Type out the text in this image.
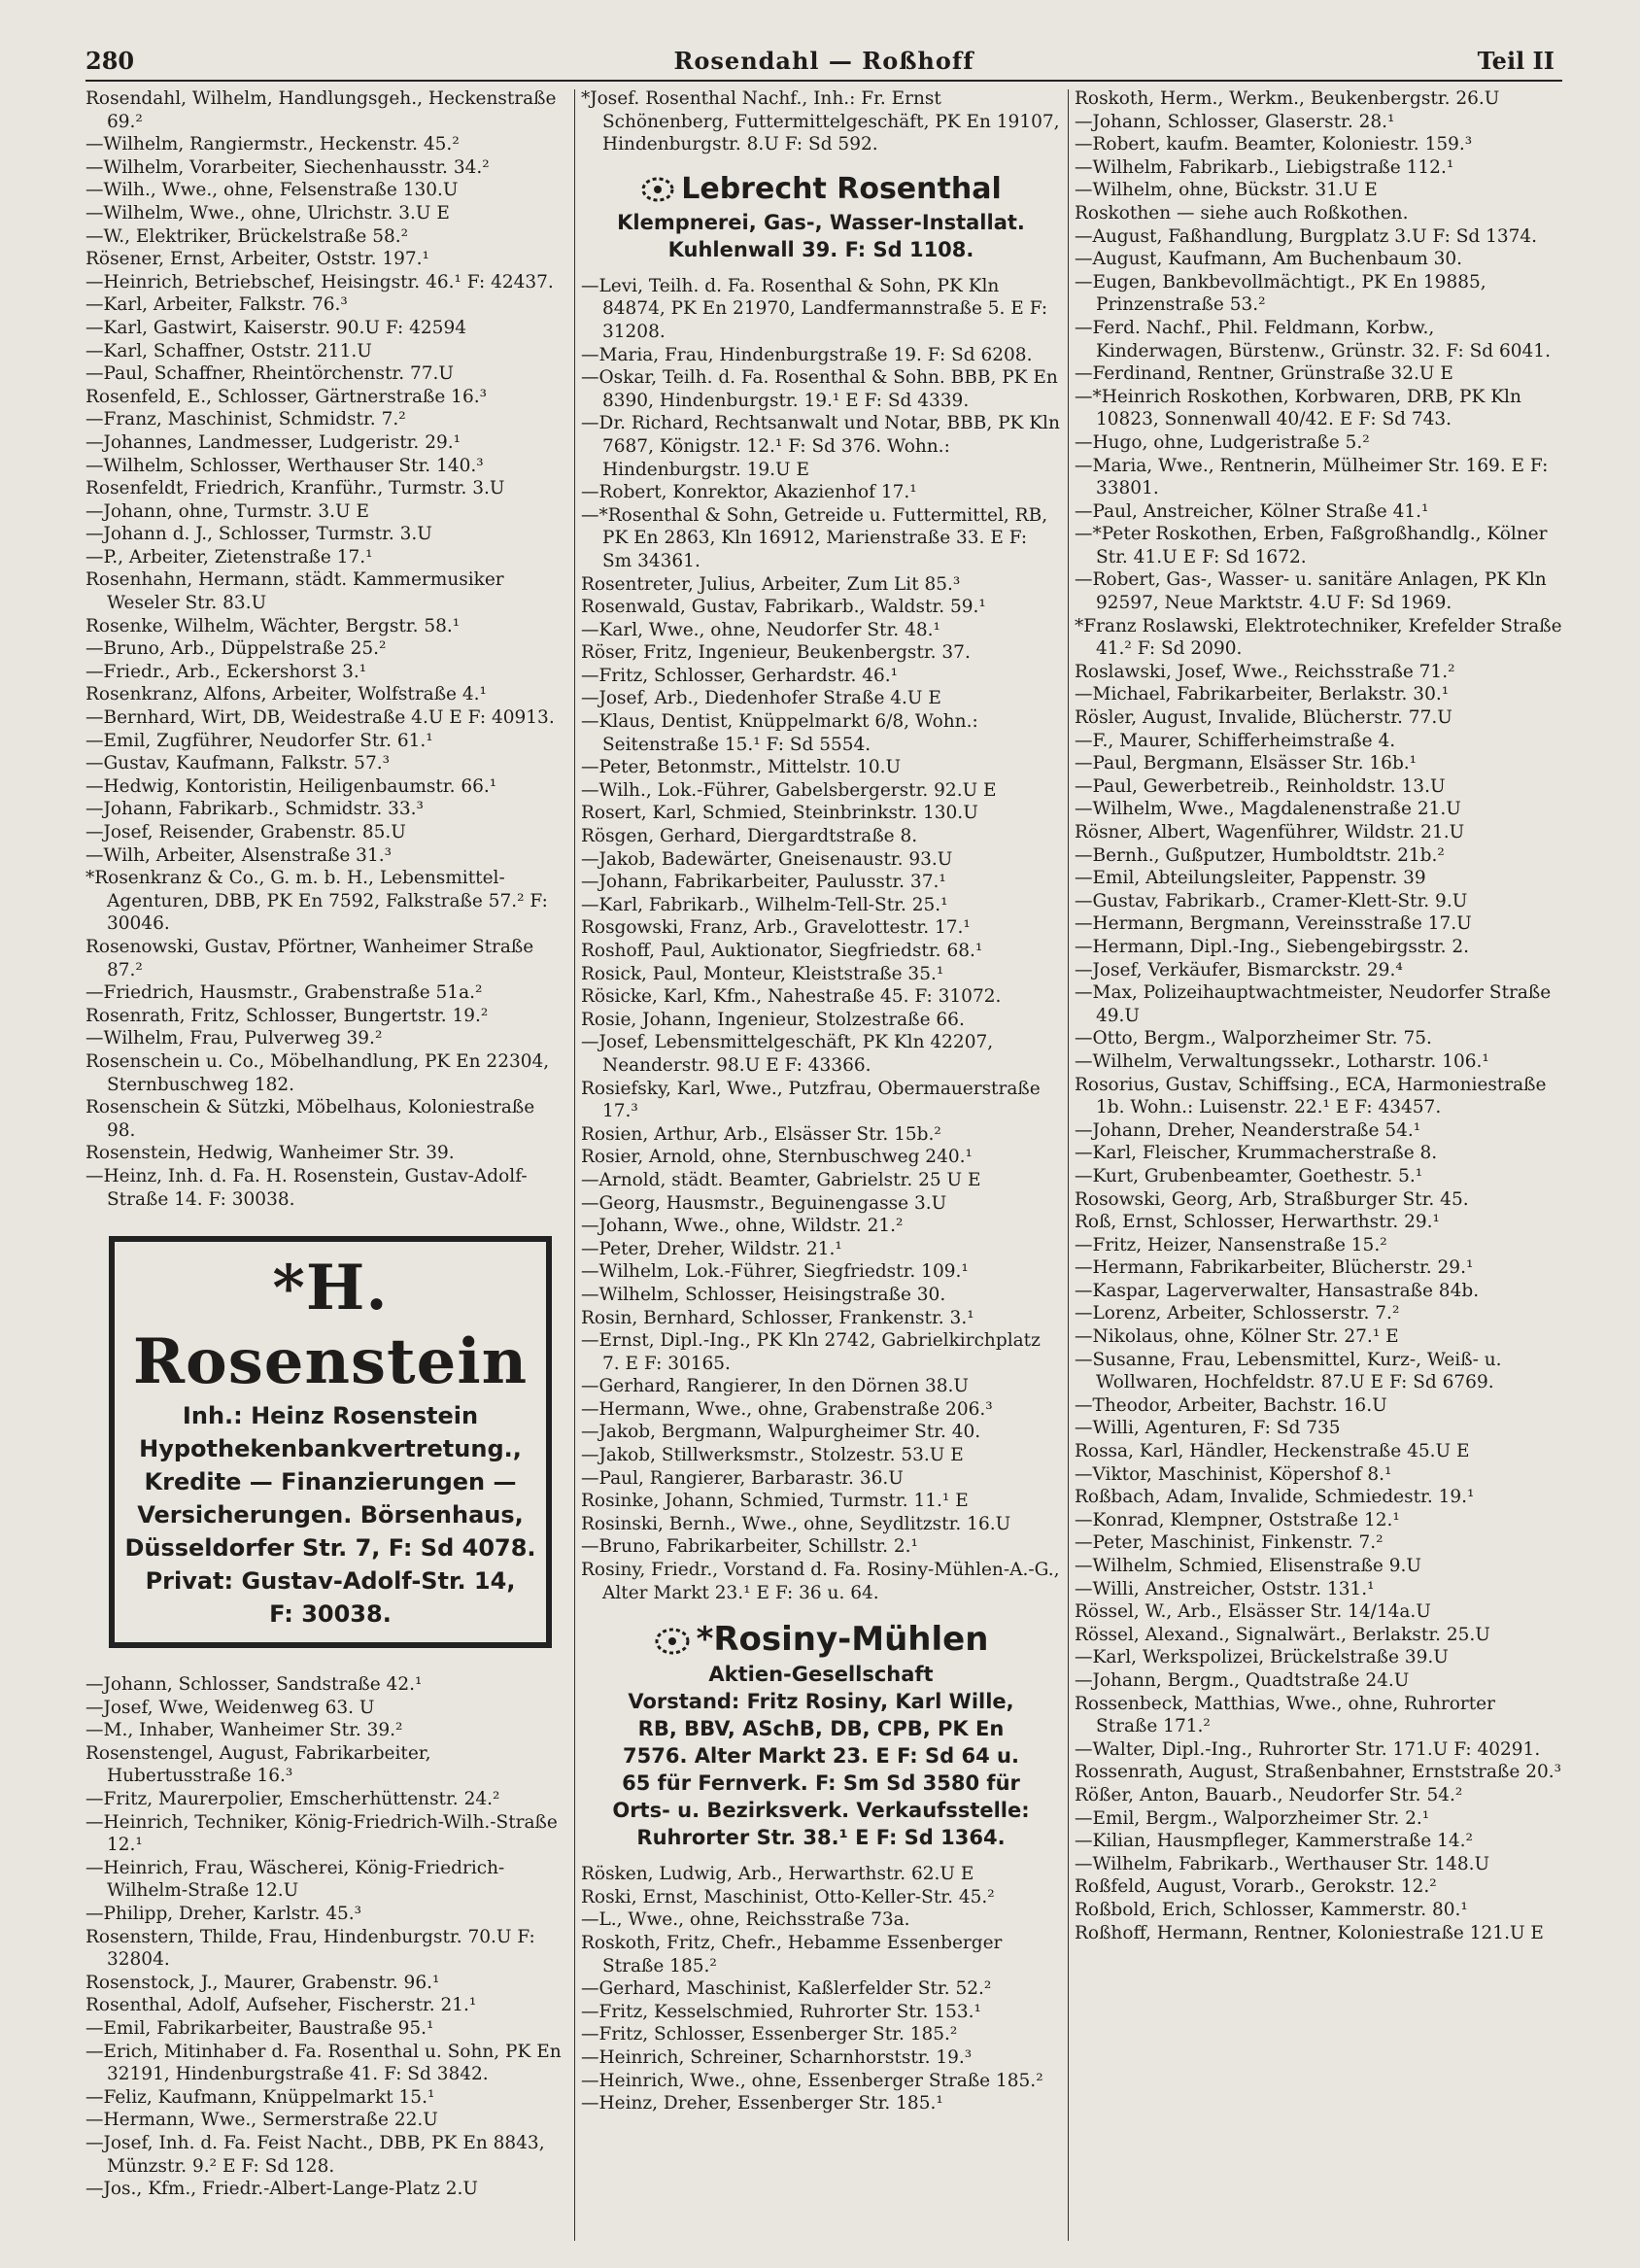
280	Rosendahl — Roßhoff	Teil II

Rosendahl, Wilhelm, Handlungsgeh., Heckenstraße 69.²

—Wilhelm, Rangiermstr., Heckenstr. 45.²

—Wilhelm, Vorarbeiter, Siechenhausstr. 34.²

—Wilh., Wwe., ohne, Felsenstraße 130.U

—Wilhelm, Wwe., ohne, Ulrichstr. 3.U E

—W., Elektriker, Brückelstraße 58.²

Rösener, Ernst, Arbeiter, Oststr. 197.¹

—Heinrich, Betriebschef, Heisingstr. 46.¹ F: 42437.

—Karl, Arbeiter, Falkstr. 76.³

—Karl, Gastwirt, Kaiserstr. 90.U F: 42594

—Karl, Schaffner, Oststr. 211.U

—Paul, Schaffner, Rheintörchenstr. 77.U

Rosenfeld, E., Schlosser, Gärtnerstraße 16.³

—Franz, Maschinist, Schmidstr. 7.²

—Johannes, Landmesser, Ludgeristr. 29.¹

—Wilhelm, Schlosser, Werthauser Str. 140.³

Rosenfeldt, Friedrich, Kranführ., Turmstr. 3.U

—Johann, ohne, Turmstr. 3.U E

—Johann d. J., Schlosser, Turmstr. 3.U

—P., Arbeiter, Zietenstraße 17.¹

Rosenhahn, Hermann, städt. Kammermusiker Weseler Str. 83.U

Rosenke, Wilhelm, Wächter, Bergstr. 58.¹

—Bruno, Arb., Düppelstraße 25.²

—Friedr., Arb., Eckershorst 3.¹

Rosenkranz, Alfons, Arbeiter, Wolfstraße 4.¹

—Bernhard, Wirt, DB, Weidestraße 4.U E F: 40913.

—Emil, Zugführer, Neudorfer Str. 61.¹

—Gustav, Kaufmann, Falkstr. 57.³

—Hedwig, Kontoristin, Heiligenbaumstr. 66.¹

—Johann, Fabrikarb., Schmidstr. 33.³

—Josef, Reisender, Grabenstr. 85.U

—Wilh, Arbeiter, Alsenstraße 31.³

*Rosenkranz & Co., G. m. b. H., Lebensmittel-Agenturen, DBB, PK En 7592, Falkstraße 57.² F: 30046.

Rosenowski, Gustav, Pförtner, Wanheimer Straße 87.²

—Friedrich, Hausmstr., Grabenstraße 51a.²

Rosenrath, Fritz, Schlosser, Bungertstr. 19.²

—Wilhelm, Frau, Pulverweg 39.²

Rosenschein u. Co., Möbelhandlung, PK En 22304, Sternbuschweg 182.

Rosenschein & Sützki, Möbelhaus, Koloniestraße 98.

Rosenstein, Hedwig, Wanheimer Str. 39.

—Heinz, Inh. d. Fa. H. Rosenstein, Gustav-Adolf-Straße 14. F: 30038.

*H. Rosenstein
Inh.: Heinz Rosenstein
Hypothekenbankvertretung.,
Kredite — Finanzierungen —
Versicherungen. Börsenhaus,
Düsseldorfer Str. 7, F: Sd 4078.
Privat: Gustav-Adolf-Str. 14,
F: 30038.

—Johann, Schlosser, Sandstraße 42.¹

—Josef, Wwe, Weidenweg 63. U

—M., Inhaber, Wanheimer Str. 39.²

Rosenstengel, August, Fabrikarbeiter, Hubertusstraße 16.³

—Fritz, Maurerpolier, Emscherhüttenstr. 24.²

—Heinrich, Techniker, König-Friedrich-Wilh.-Straße 12.¹

—Heinrich, Frau, Wäscherei, König-Friedrich-Wilhelm-Straße 12.U

—Philipp, Dreher, Karlstr. 45.³

Rosenstern, Thilde, Frau, Hindenburgstr. 70.U F: 32804.

Rosenstock, J., Maurer, Grabenstr. 96.¹

Rosenthal, Adolf, Aufseher, Fischerstr. 21.¹

—Emil, Fabrikarbeiter, Baustraße 95.¹

—Erich, Mitinhaber d. Fa. Rosenthal u. Sohn, PK En 32191, Hindenburgstraße 41. F: Sd 3842.

—Feliz, Kaufmann, Knüppelmarkt 15.¹

—Hermann, Wwe., Sermerstraße 22.U

—Josef, Inh. d. Fa. Feist Nacht., DBB, PK En 8843, Münzstr. 9.² E F: Sd 128.

—Jos., Kfm., Friedr.-Albert-Lange-Platz 2.U

*Josef. Rosenthal Nachf., Inh.: Fr. Ernst Schönenberg, Futtermittelgeschäft, PK En 19107, Hindenburgstr. 8.U F: Sd 592.

Lebrecht Rosenthal
Klempnerei, Gas-, Wasser-Installat.
Kuhlenwall 39. F: Sd 1108.

—Levi, Teilh. d. Fa. Rosenthal & Sohn, PK Kln 84874, PK En 21970, Landfermannstraße 5. E F: 31208.

—Maria, Frau, Hindenburgstraße 19. F: Sd 6208.

—Oskar, Teilh. d. Fa. Rosenthal & Sohn. BBB, PK En 8390, Hindenburgstr. 19.¹ E F: Sd 4339.

—Dr. Richard, Rechtsanwalt und Notar, BBB, PK Kln 7687, Königstr. 12.¹ F: Sd 376. Wohn.: Hindenburgstr. 19.U E

—Robert, Konrektor, Akazienhof 17.¹

—*Rosenthal & Sohn, Getreide u. Futtermittel, RB, PK En 2863, Kln 16912, Marienstraße 33. E F: Sm 34361.

Rosentreter, Julius, Arbeiter, Zum Lit 85.³

Rosenwald, Gustav, Fabrikarb., Waldstr. 59.¹

—Karl, Wwe., ohne, Neudorfer Str. 48.¹

Röser, Fritz, Ingenieur, Beukenbergstr. 37.

—Fritz, Schlosser, Gerhardstr. 46.¹

—Josef, Arb., Diedenhofer Straße 4.U E

—Klaus, Dentist, Knüppelmarkt 6/8, Wohn.: Seitenstraße 15.¹ F: Sd 5554.

—Peter, Betonmstr., Mittelstr. 10.U

—Wilh., Lok.-Führer, Gabelsbergerstr. 92.U E

Rosert, Karl, Schmied, Steinbrinkstr. 130.U

Rösgen, Gerhard, Diergardtstraße 8.

—Jakob, Badewärter, Gneisenaustr. 93.U

—Johann, Fabrikarbeiter, Paulusstr. 37.¹

—Karl, Fabrikarb., Wilhelm-Tell-Str. 25.¹

Rosgowski, Franz, Arb., Gravelottestr. 17.¹

Roshoff, Paul, Auktionator, Siegfriedstr. 68.¹

Rosick, Paul, Monteur, Kleiststraße 35.¹

Rösicke, Karl, Kfm., Nahestraße 45. F: 31072.

Rosie, Johann, Ingenieur, Stolzestraße 66.

—Josef, Lebensmittelgeschäft, PK Kln 42207, Neanderstr. 98.U E F: 43366.

Rosiefsky, Karl, Wwe., Putzfrau, Obermauerstraße 17.³

Rosien, Arthur, Arb., Elsässer Str. 15b.²

Rosier, Arnold, ohne, Sternbuschweg 240.¹

—Arnold, städt. Beamter, Gabrielstr. 25 U E

—Georg, Hausmstr., Beguinengasse 3.U

—Johann, Wwe., ohne, Wildstr. 21.²

—Peter, Dreher, Wildstr. 21.¹

—Wilhelm, Lok.-Führer, Siegfriedstr. 109.¹

—Wilhelm, Schlosser, Heisingstraße 30.

Rosin, Bernhard, Schlosser, Frankenstr. 3.¹

—Ernst, Dipl.-Ing., PK Kln 2742, Gabrielkirchplatz 7. E F: 30165.

—Gerhard, Rangierer, In den Dörnen 38.U

—Hermann, Wwe., ohne, Grabenstraße 206.³

—Jakob, Bergmann, Walpurgheimer Str. 40.

—Jakob, Stillwerksmstr., Stolzestr. 53.U E

—Paul, Rangierer, Barbarastr. 36.U

Rosinke, Johann, Schmied, Turmstr. 11.¹ E

Rosinski, Bernh., Wwe., ohne, Seydlitzstr. 16.U

—Bruno, Fabrikarbeiter, Schillstr. 2.¹

Rosiny, Friedr., Vorstand d. Fa. Rosiny-Mühlen-A.-G., Alter Markt 23.¹ E F: 36 u. 64.

*Rosiny-Mühlen
Aktien-Gesellschaft
Vorstand: Fritz Rosiny, Karl Wille,
RB, BBV, ASchB, DB, CPB, PK En
7576. Alter Markt 23. E F: Sd 64 u.
65 für Fernverk. F: Sm Sd 3580 für
Orts- u. Bezirksverk. Verkaufsstelle:
Ruhrorter Str. 38.¹ E F: Sd 1364.

Rösken, Ludwig, Arb., Herwarthstr. 62.U E

Roski, Ernst, Maschinist, Otto-Keller-Str. 45.²

—L., Wwe., ohne, Reichsstraße 73a.

Roskoth, Fritz, Chefr., Hebamme Essenberger Straße 185.²

—Gerhard, Maschinist, Kaßlerfelder Str. 52.²

—Fritz, Kesselschmied, Ruhrorter Str. 153.¹

—Fritz, Schlosser, Essenberger Str. 185.²

—Heinrich, Schreiner, Scharnhorststr. 19.³

—Heinrich, Wwe., ohne, Essenberger Straße 185.²

—Heinz, Dreher, Essenberger Str. 185.¹

Roskoth, Herm., Werkm., Beukenbergstr. 26.U

—Johann, Schlosser, Glaserstr. 28.¹

—Robert, kaufm. Beamter, Koloniestr. 159.³

—Wilhelm, Fabrikarb., Liebigstraße 112.¹

—Wilhelm, ohne, Bückstr. 31.U E

Roskothen — siehe auch Roßkothen.

—August, Faßhandlung, Burgplatz 3.U F: Sd 1374.

—August, Kaufmann, Am Buchenbaum 30.

—Eugen, Bankbevollmächtigt., PK En 19885, Prinzenstraße 53.²

—Ferd. Nachf., Phil. Feldmann, Korbw., Kinderwagen, Bürstenw., Grünstr. 32. F: Sd 6041.

—Ferdinand, Rentner, Grünstraße 32.U E

—*Heinrich Roskothen, Korbwaren, DRB, PK Kln 10823, Sonnenwall 40/42. E F: Sd 743.

—Hugo, ohne, Ludgeristraße 5.²

—Maria, Wwe., Rentnerin, Mülheimer Str. 169. E F: 33801.

—Paul, Anstreicher, Kölner Straße 41.¹

—*Peter Roskothen, Erben, Faßgroßhandlg., Kölner Str. 41.U E F: Sd 1672.

—Robert, Gas-, Wasser- u. sanitäre Anlagen, PK Kln 92597, Neue Marktstr. 4.U F: Sd 1969.

*Franz Roslawski, Elektrotechniker, Krefelder Straße 41.² F: Sd 2090.

Roslawski, Josef, Wwe., Reichsstraße 71.²

—Michael, Fabrikarbeiter, Berlakstr. 30.¹

Rösler, August, Invalide, Blücherstr. 77.U

—F., Maurer, Schifferheimstraße 4.

—Paul, Bergmann, Elsässer Str. 16b.¹

—Paul, Gewerbetreib., Reinholdstr. 13.U

—Wilhelm, Wwe., Magdalenenstraße 21.U

Rösner, Albert, Wagenführer, Wildstr. 21.U

—Bernh., Gußputzer, Humboldtstr. 21b.²

—Emil, Abteilungsleiter, Pappenstr. 39

—Gustav, Fabrikarb., Cramer-Klett-Str. 9.U

—Hermann, Bergmann, Vereinsstraße 17.U

—Hermann, Dipl.-Ing., Siebengebirgsstr. 2.

—Josef, Verkäufer, Bismarckstr. 29.⁴

—Max, Polizeihauptwachtmeister, Neudorfer Straße 49.U

—Otto, Bergm., Walporzheimer Str. 75.

—Wilhelm, Verwaltungssekr., Lotharstr. 106.¹

Rosorius, Gustav, Schiffsing., ECA, Harmoniestraße 1b. Wohn.: Luisenstr. 22.¹ E F: 43457.

—Johann, Dreher, Neanderstraße 54.¹

—Karl, Fleischer, Krummacherstraße 8.

—Kurt, Grubenbeamter, Goethestr. 5.¹

Rosowski, Georg, Arb, Straßburger Str. 45.

Roß, Ernst, Schlosser, Herwarthstr. 29.¹

—Fritz, Heizer, Nansenstraße 15.²

—Hermann, Fabrikarbeiter, Blücherstr. 29.¹

—Kaspar, Lagerverwalter, Hansastraße 84b.

—Lorenz, Arbeiter, Schlosserstr. 7.²

—Nikolaus, ohne, Kölner Str. 27.¹ E

—Susanne, Frau, Lebensmittel, Kurz-, Weiß- u. Wollwaren, Hochfeldstr. 87.U E F: Sd 6769.

—Theodor, Arbeiter, Bachstr. 16.U

—Willi, Agenturen, F: Sd 735

Rossa, Karl, Händler, Heckenstraße 45.U E

—Viktor, Maschinist, Köpershof 8.¹

Roßbach, Adam, Invalide, Schmiedestr. 19.¹

—Konrad, Klempner, Oststraße 12.¹

—Peter, Maschinist, Finkenstr. 7.²

—Wilhelm, Schmied, Elisenstraße 9.U

—Willi, Anstreicher, Oststr. 131.¹

Rössel, W., Arb., Elsässer Str. 14/14a.U

Rössel, Alexand., Signalwärt., Berlakstr. 25.U

—Karl, Werkspolizei, Brückelstraße 39.U

—Johann, Bergm., Quadtstraße 24.U

Rossenbeck, Matthias, Wwe., ohne, Ruhrorter Straße 171.²

—Walter, Dipl.-Ing., Ruhrorter Str. 171.U F: 40291.

Rossenrath, August, Straßenbahner, Ernststraße 20.³

Rößer, Anton, Bauarb., Neudorfer Str. 54.²

—Emil, Bergm., Walporzheimer Str. 2.¹

—Kilian, Hausmpfleger, Kammerstraße 14.²

—Wilhelm, Fabrikarb., Werthauser Str. 148.U

Roßfeld, August, Vorarb., Gerokstr. 12.²

Roßbold, Erich, Schlosser, Kammerstr. 80.¹

Roßhoff, Hermann, Rentner, Koloniestraße 121.U E
